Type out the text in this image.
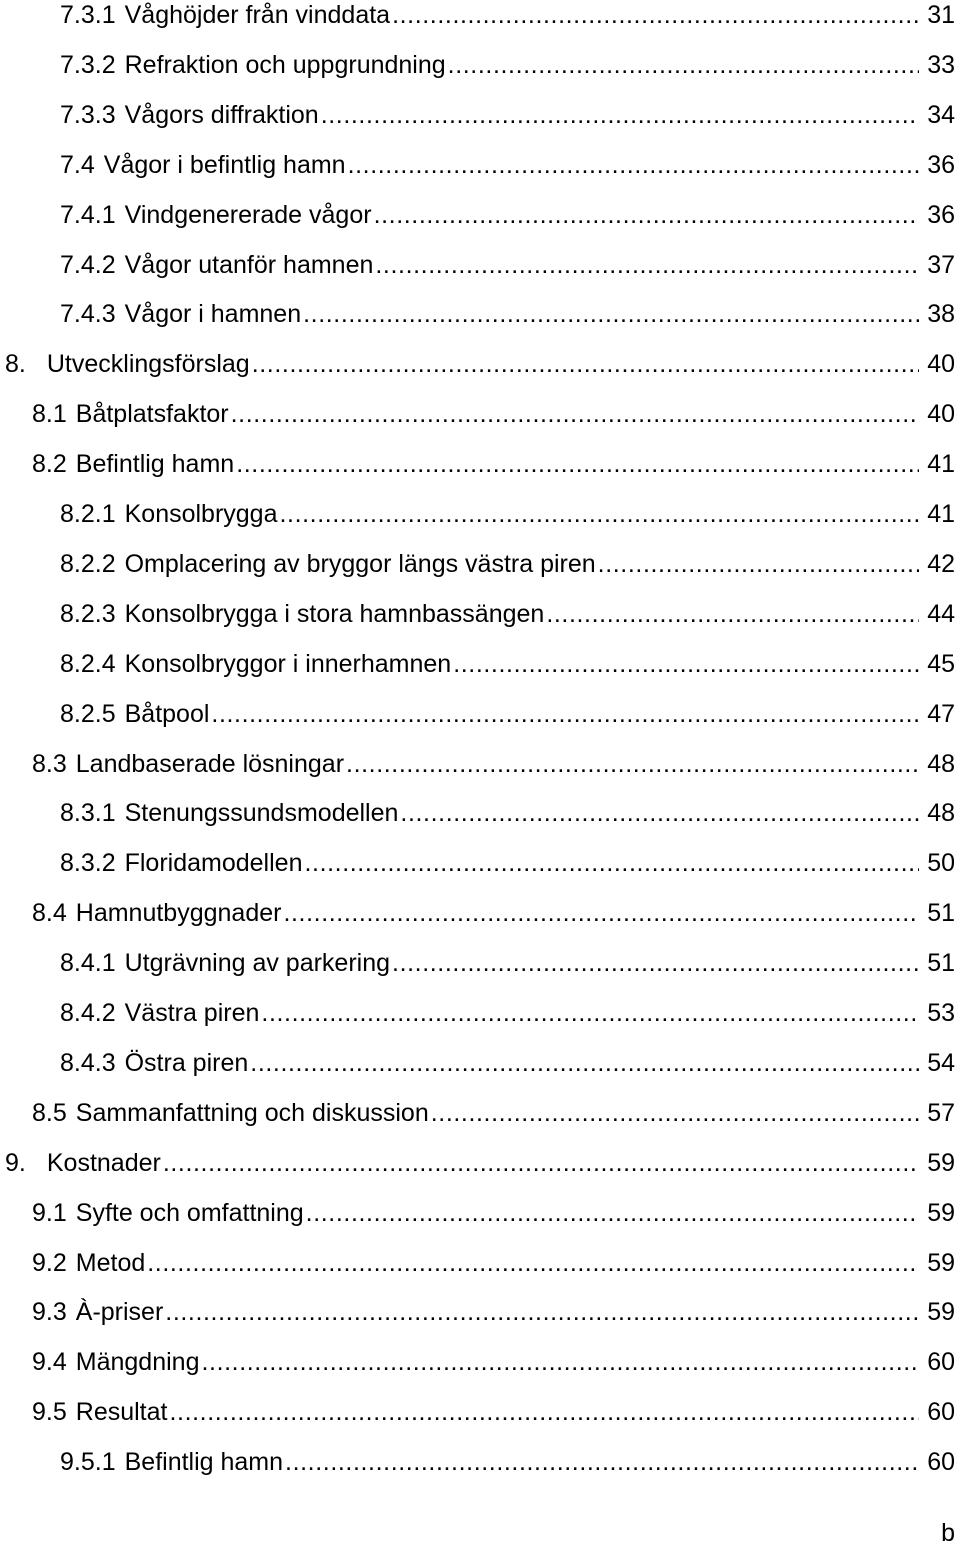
7.3.1 Våghöjder från vinddata .....	31
7.3.2 Refraktion och uppgrundning .....	33
7.3.3 Vågors diffraktion .....	34
7.4 Vågor i befintlig hamn .....	36
7.4.1 Vindgenererade vågor .....	36
7.4.2 Vågor utanför hamnen .....	37
7.4.3 Vågor i hamnen .....	38
8. Utvecklingsförslag .....	40
8.1 Båtplatsfaktor .....	40
8.2 Befintlig hamn .....	41
8.2.1 Konsolbrygga .....	41
8.2.2 Omplacering av bryggor längs västra piren .....	42
8.2.3 Konsolbrygga i stora hamnbassängen .....	44
8.2.4 Konsolbryggor i innerhamnen .....	45
8.2.5 Båtpool .....	47
8.3 Landbaserade lösningar .....	48
8.3.1 Stenungssundsmodellen .....	48
8.3.2 Floridamodellen .....	50
8.4 Hamnutbyggnader .....	51
8.4.1 Utgrävning av parkering .....	51
8.4.2 Västra piren .....	53
8.4.3 Östra piren .....	54
8.5 Sammanfattning och diskussion .....	57
9. Kostnader .....	59
9.1 Syfte och omfattning .....	59
9.2 Metod .....	59
9.3 À-priser .....	59
9.4 Mängdning .....	60
9.5 Resultat .....	60
9.5.1 Befintlig hamn .....	60
b
